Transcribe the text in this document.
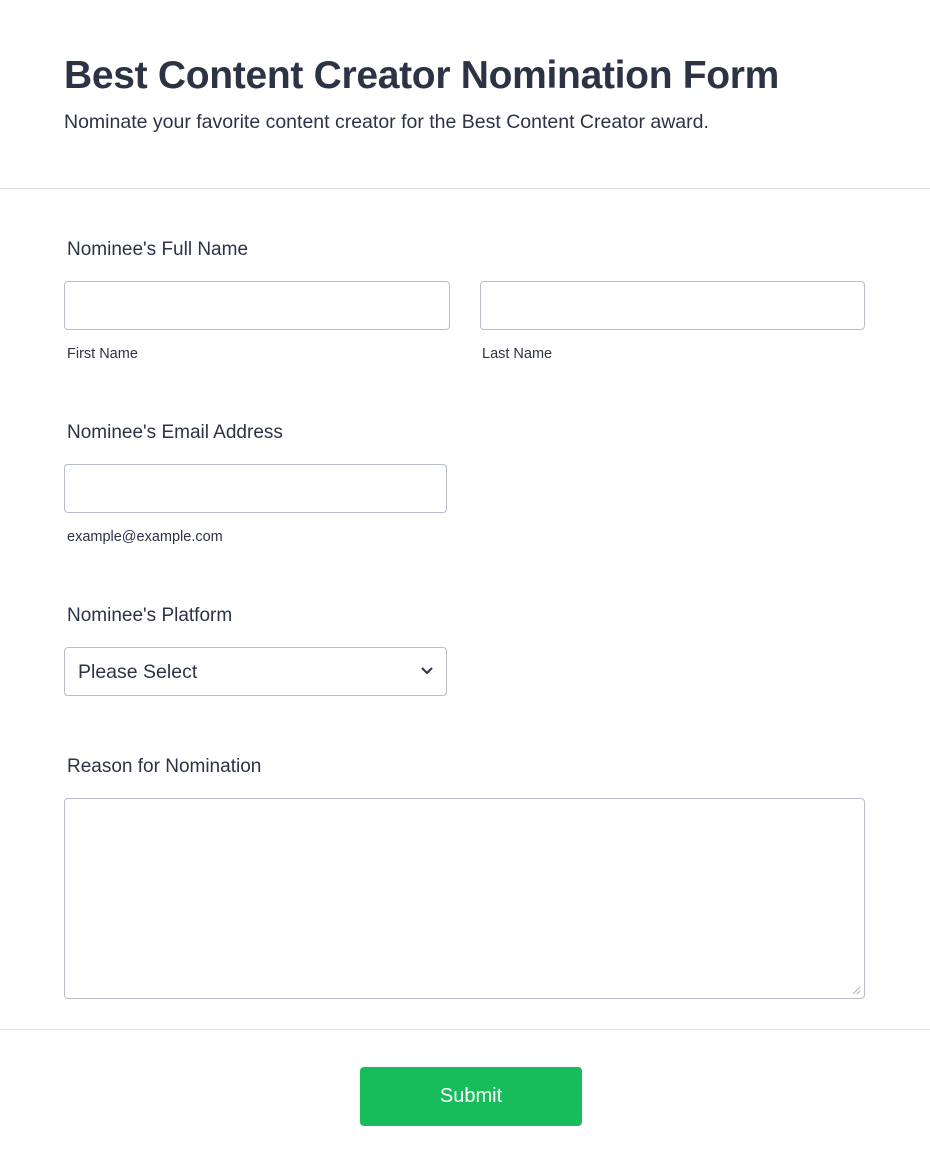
Best Content Creator Nomination Form
Nominate your favorite content creator for the Best Content Creator award.
Nominee's Full Name
First Name	Last Name
Nominee's Email Address
example@example.com
Nominee's Platform
Please Select
Reason for Nomination
Submit
